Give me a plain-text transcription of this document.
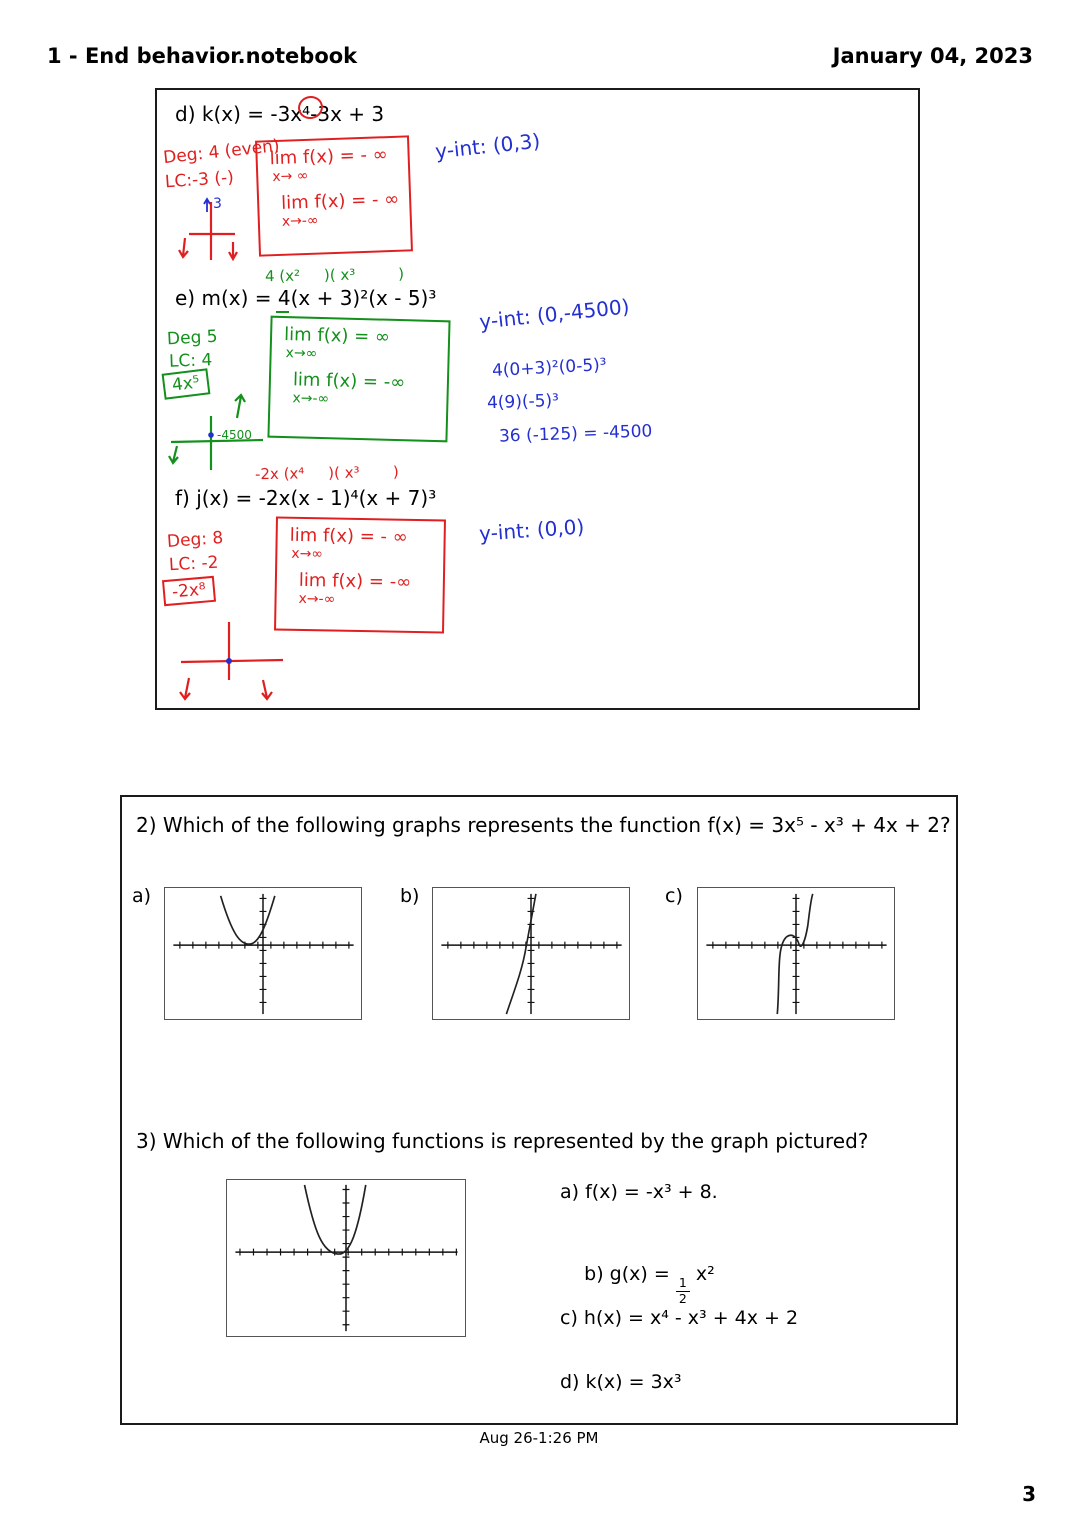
1 - End behavior.notebook	January 04, 2023
d) k(x) = -3x⁴-3x + 3
Deg: 4 (even)
LC:-3 (-)
3
lim f(x) = - ∞
x→ ∞
lim f(x) = - ∞
x→-∞
y-int: (0,3)
4 (x²     )( x³         )
e) m(x) = 4(x + 3)²(x - 5)³
Deg 5
LC: 4
4x⁵
-4500
lim f(x) = ∞
x→∞
lim f(x) = -∞
x→-∞
y-int: (0,-4500)
4(0+3)²(0-5)³
4(9)(-5)³
36 (-125) = -4500
-2x (x⁴     )( x³       )
f) j(x) = -2x(x - 1)⁴(x + 7)³
Deg: 8
LC: -2
-2x⁸
lim f(x) = - ∞
x→∞
lim f(x) = -∞
x→-∞
y-int: (0,0)
2) Which of the following graphs represents the function f(x) = 3x⁵ - x³ + 4x + 2?
a)	b)	c)
3) Which of the following functions is represented by the graph pictured?
a) f(x) = -x³ + 8.

b) g(x) =
$\frac{1}{2}$
x²

c) h(x) = x⁴ - x³ + 4x + 2
d) k(x) = 3x³
Aug 26-1:26 PM
3
